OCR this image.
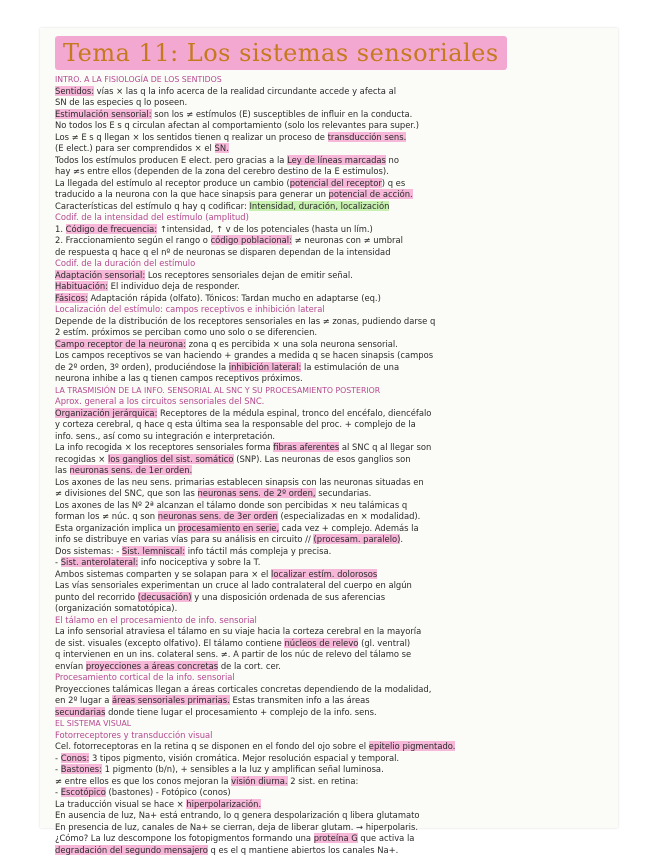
Tema 11: Los sistemas sensoriales
INTRO. A LA FISIOLOGÍA DE LOS SENTIDOS
Sentidos: vías × las q la info acerca de la realidad circundante accede y afecta al
SN de las especies q lo poseen.
Estimulación sensorial: son los ≠ estímulos (E) susceptibles de influir en la conducta.
No todos los E s q circulan afectan al comportamiento (solo los relevantes para super.)
Los ≠ E s q llegan × los sentidos tienen q realizar un proceso de transducción sens.
(E elect.) para ser comprendidos × el SN.
Todos los estímulos producen E elect. pero gracias a la Ley de líneas marcadas no
hay ≠s entre ellos (dependen de la zona del cerebro destino de la E estimulos).
La llegada del estímulo al receptor produce un cambio (potencial del receptor) q es
traducido a la neurona con la que hace sinapsis para generar un potencial de acción.
Características del estímulo q hay q codificar: Intensidad, duración, localización
Codif. de la intensidad del estímulo (amplitud)
1. Código de frecuencia: ↑intensidad, ↑ v de los potenciales (hasta un lím.)
2. Fraccionamiento según el rango o código poblacional: ≠ neuronas con ≠ umbral
de respuesta q hace q el nº de neuronas se disparen dependan de la intensidad
Codif. de la duración del estímulo
Adaptación sensorial: Los receptores sensoriales dejan de emitir señal.
Habituación: El individuo deja de responder.
Fásicos: Adaptación rápida (olfato). Tónicos: Tardan mucho en adaptarse (eq.)
Localización del estímulo: campos receptivos e inhibición lateral
Depende de la distribución de los receptores sensoriales en las ≠ zonas, pudiendo darse q
2 estím. próximos se perciban como uno solo o se diferencien.
Campo receptor de la neurona: zona q es percibida × una sola neurona sensorial.
Los campos receptivos se van haciendo + grandes a medida q se hacen sinapsis (campos
de 2º orden, 3º orden), produciéndose la inhibición lateral: la estimulación de una
neurona inhibe a las q tienen campos receptivos próximos.
LA TRASMISIÓN DE LA INFO. SENSORIAL AL SNC Y SU PROCESAMIENTO POSTERIOR
Aprox. general a los circuitos sensoriales del SNC.
Organización jerárquica: Receptores de la médula espinal, tronco del encéfalo, diencéfalo
y corteza cerebral, q hace q esta última sea la responsable del proc. + complejo de la
info. sens., así como su integración e interpretación.
La info recogida × los receptores sensoriales forma fibras aferentes al SNC q al llegar son
recogidas × los ganglios del sist. somático (SNP). Las neuronas de esos ganglios son
las neuronas sens. de 1er orden.
Los axones de las neu sens. primarias establecen sinapsis con las neuronas situadas en
≠ divisiones del SNC, que son las neuronas sens. de 2º orden, secundarias.
Los axones de las Nº 2ª alcanzan el tálamo donde son percibidas × neu talámicas q
forman los ≠ núc. q son neuronas sens. de 3er orden (especializadas en × modalidad).
Esta organización implica un procesamiento en serie, cada vez + complejo. Además la
info se distribuye en varias vías para su análisis en circuito // (procesam. paralelo).
Dos sistemas: - Sist. lemniscal: info táctil más compleja y precisa.
- Sist. anterolateral: info nociceptiva y sobre la T.
Ambos sistemas comparten y se solapan para × el localizar estím. dolorosos
Las vías sensoriales experimentan un cruce al lado contralateral del cuerpo en algún
punto del recorrido (decusación) y una disposición ordenada de sus aferencias
(organización somatotópica).
El tálamo en el procesamiento de info. sensorial
La info sensorial atraviesa el tálamo en su viaje hacia la corteza cerebral en la mayoría
de sist. visuales (excepto olfativo). El tálamo contiene núcleos de relevo (gl. ventral)
q intervienen en un ins. colateral sens. ≠. A partir de los núc de relevo del tálamo se
envían proyecciones a áreas concretas de la cort. cer.
Procesamiento cortical de la info. sensorial
Proyecciones talámicas llegan a áreas corticales concretas dependiendo de la modalidad,
en 2º lugar a áreas sensoriales primarias. Estas transmiten info a las áreas
secundarias donde tiene lugar el procesamiento + complejo de la info. sens.
EL SISTEMA VISUAL
Fotorreceptores y transducción visual
Cel. fotorreceptoras en la retina q se disponen en el fondo del ojo sobre el epitelio pigmentado.
- Conos: 3 tipos pigmento, visión cromática. Mejor resolución espacial y temporal.
- Bastones: 1 pigmento (b/n), + sensibles a la luz y amplifican señal luminosa.
≠ entre ellos es que los conos mejoran la visión diurna. 2 sist. en retina:
- Escotópico (bastones) - Fotópico (conos)
La traducción visual se hace × hiperpolarización.
En ausencia de luz, Na+ está entrando, lo q genera despolarización q libera glutamato
En presencia de luz, canales de Na+ se cierran, deja de liberar glutam. → hiperpolaris.
¿Cómo? La luz descompone los fotopigmentos formando una proteína G que activa la
degradación del segundo mensajero q es el q mantiene abiertos los canales Na+.
